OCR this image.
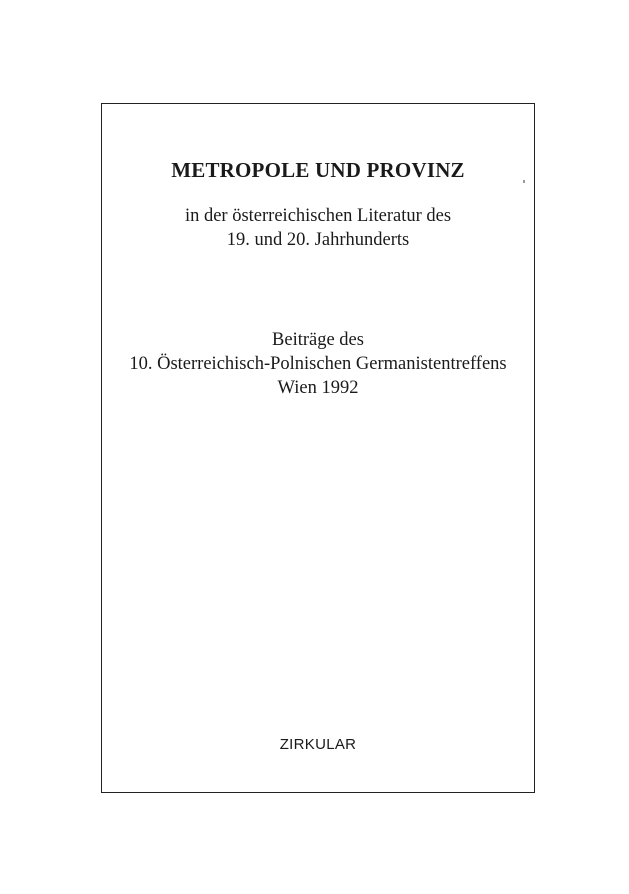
METROPOLE UND PROVINZ
in der österreichischen Literatur des
19. und 20. Jahrhunderts
Beiträge des
10. Österreichisch-Polnischen Germanistentreffens
Wien 1992
ZIRKULAR
